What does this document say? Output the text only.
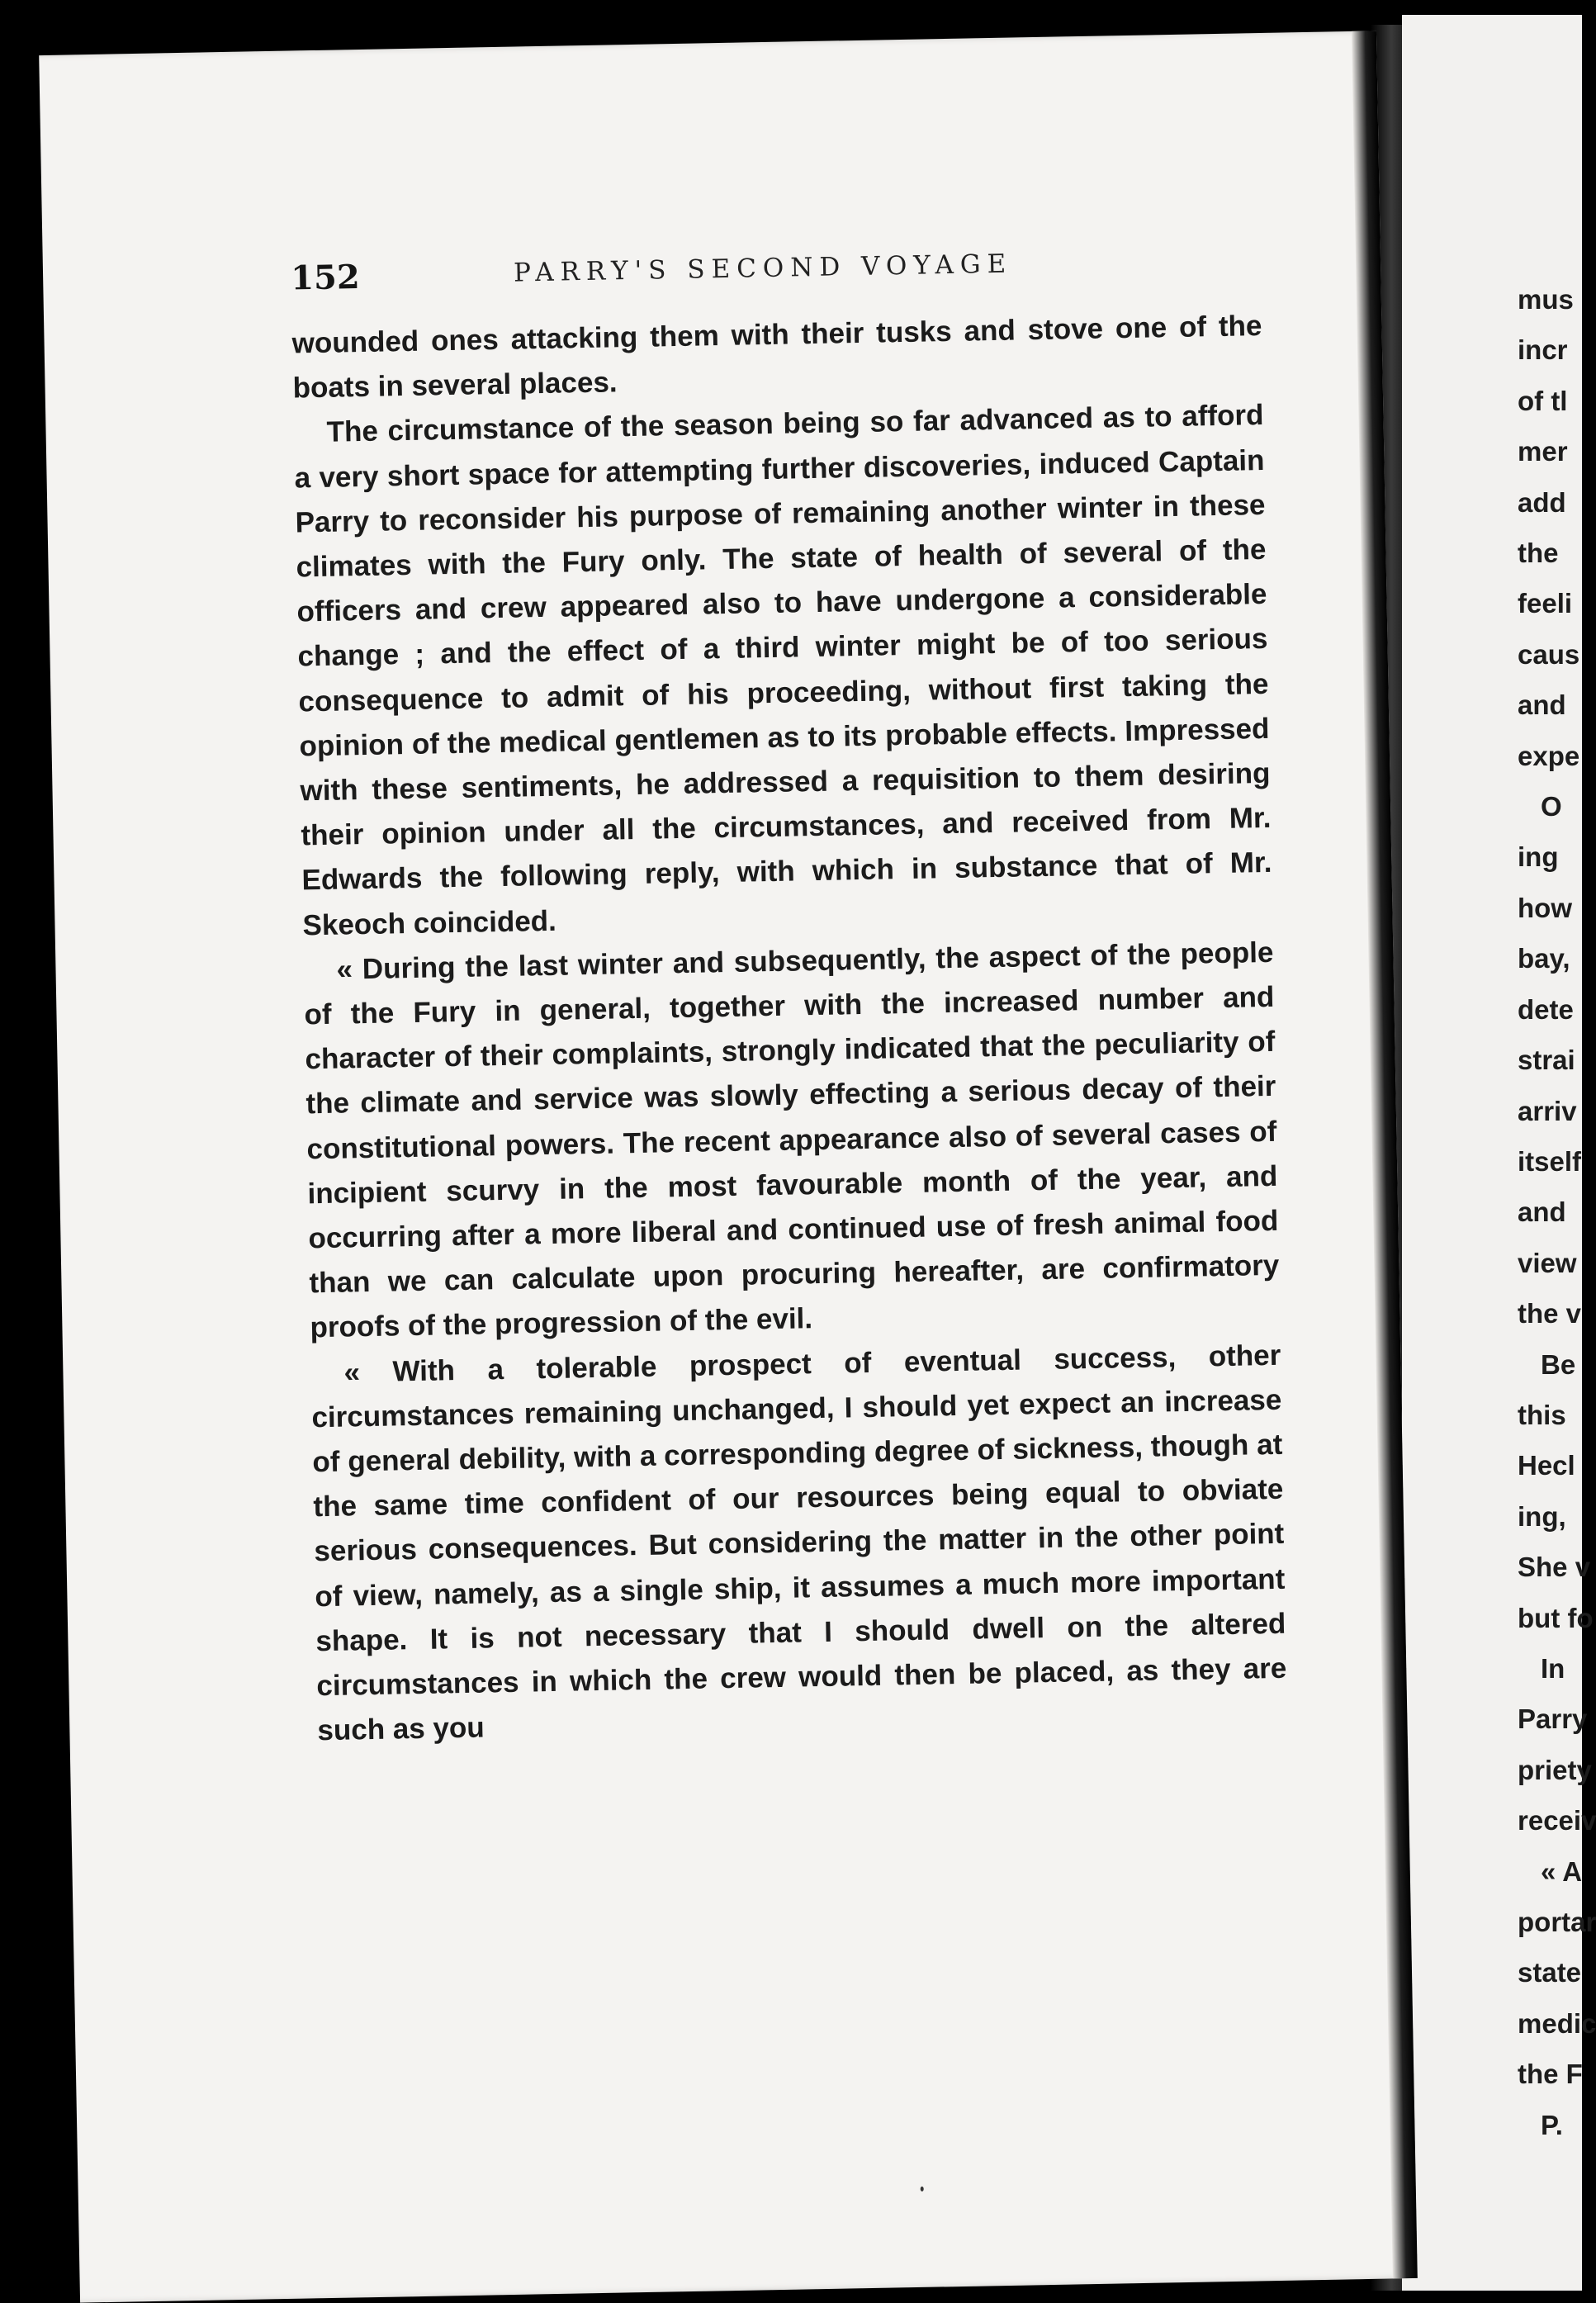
mus
incr
of tl
mer
add
the
feeli
caus
and
expe
O
ing
how
bay,
dete
strai
arriv
itself
and
view
the v
Be
this
Hecl
ing,
She v
but fo
In
Parry
priety
receiv
« A
portar
state
medic
the F
P.
152	PARRY'S SECOND VOYAGE

wounded ones attacking them with their tusks and stove one of the boats in several places.

The circumstance of the season being so far advanced as to afford a very short space for attempting further discoveries, induced Captain Parry to reconsider his purpose of remaining another winter in these climates with the Fury only. The state of health of several of the officers and crew appeared also to have undergone a considerable change ; and the effect of a third winter might be of too serious consequence to admit of his proceeding, without first taking the opinion of the medical gentlemen as to its probable effects. Impressed with these sentiments, he addressed a requisition to them desiring their opinion under all the circumstances, and received from Mr. Edwards the following reply, with which in substance that of Mr. Skeoch coincided.

« During the last winter and subsequently, the aspect of the people of the Fury in general, together with the increased number and character of their complaints, strongly indicated that the peculiarity of the climate and service was slowly effecting a serious decay of their constitutional powers. The recent appearance also of several cases of incipient scurvy in the most favourable month of the year, and occurring after a more liberal and continued use of fresh animal food than we can calculate upon procuring hereafter, are confirmatory proofs of the progression of the evil.

« With a tolerable prospect of eventual success, other circumstances remaining unchanged, I should yet expect an increase of general debility, with a corresponding degree of sickness, though at the same time confident of our resources being equal to obviate serious consequences. But considering the matter in the other point of view, namely, as a single ship, it assumes a much more important shape. It is not necessary that I should dwell on the altered circumstances in which the crew would then be placed, as they are such as you
